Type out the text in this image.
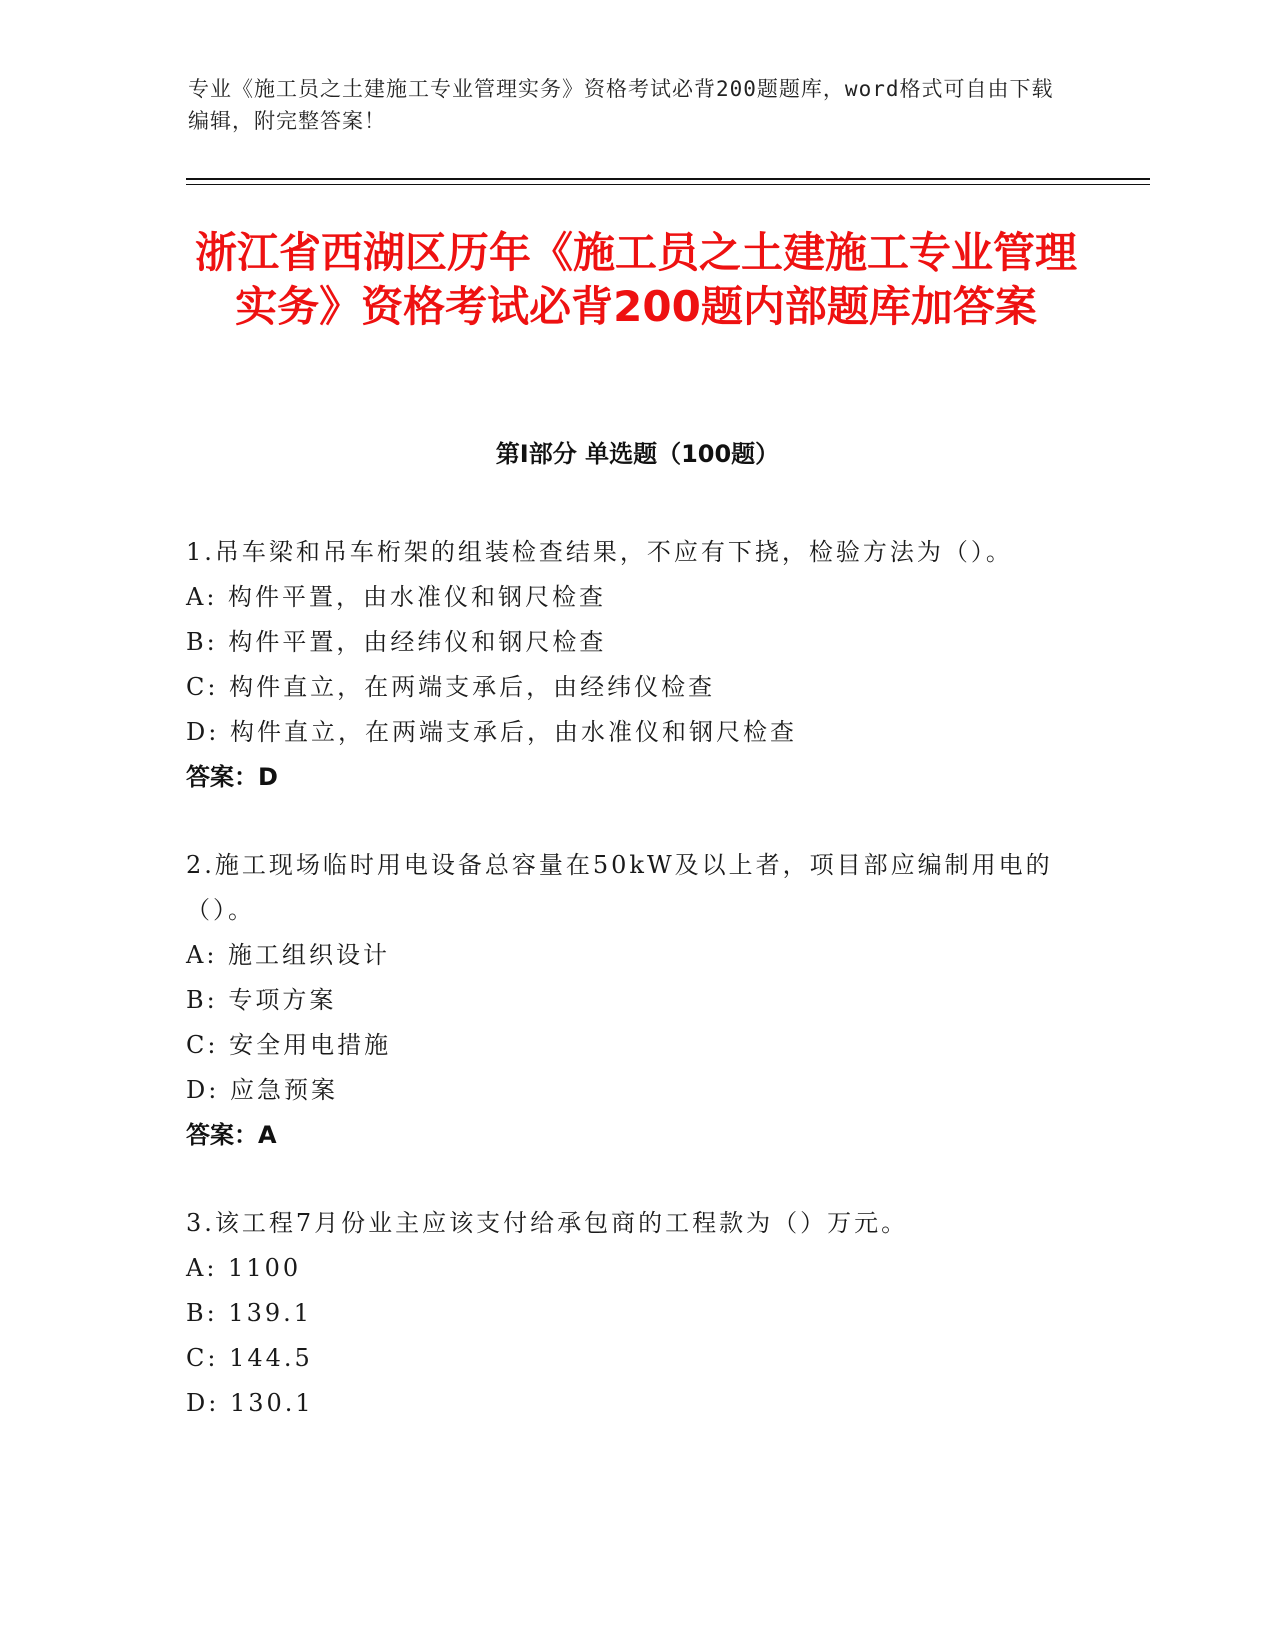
专业《施工员之土建施工专业管理实务》资格考试必背200题题库，word格式可自由下载编辑，附完整答案！
浙江省西湖区历年《施工员之土建施工专业管理实务》资格考试必背200题内部题库加答案
第I部分 单选题（100题）
1.吊车梁和吊车桁架的组装检查结果，不应有下挠，检验方法为（）。
A: 构件平置，由水准仪和钢尺检查
B: 构件平置，由经纬仪和钢尺检查
C: 构件直立，在两端支承后，由经纬仪检查
D: 构件直立，在两端支承后，由水准仪和钢尺检查
答案：D
2.施工现场临时用电设备总容量在50kW及以上者，项目部应编制用电的（）。
A: 施工组织设计
B: 专项方案
C: 安全用电措施
D: 应急预案
答案：A
3.该工程7月份业主应该支付给承包商的工程款为（）万元。
A: 1100
B: 139.1
C: 144.5
D: 130.1
